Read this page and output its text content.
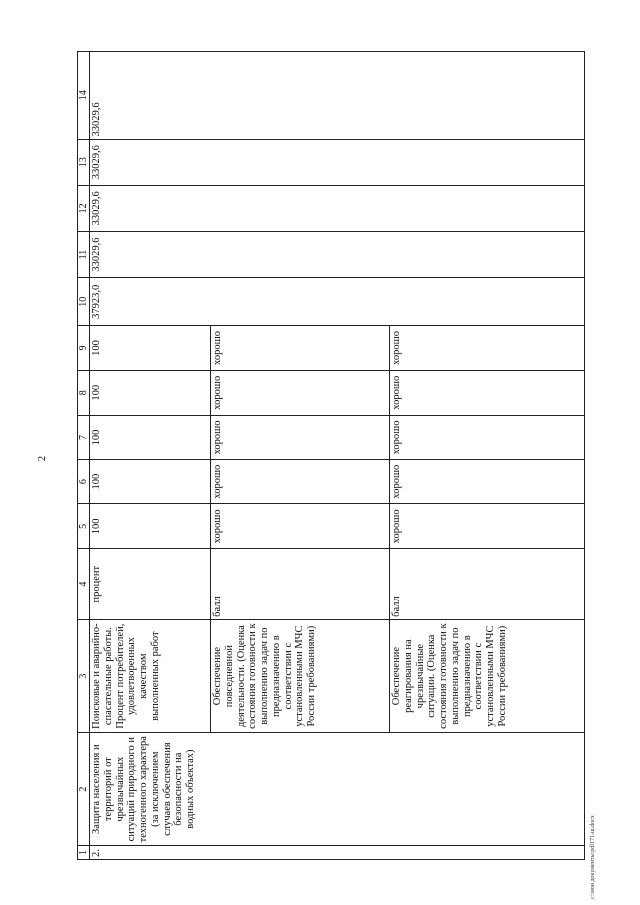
2
1	2	3	4	5	6	7	8	9	10	11	12	13	14
2.	Защита населения и территорий от чрезвычайных ситуаций природного и техногенного характера (за исключением случаев обеспечения безопасности на водных объектах)	Поисковые и аварийно-спасательные работы. Процент потребителей, удовлетворенных качеством выполненных работ	процент	100	100	100	100	100	37923,0	33029,6	33029,6	33029,6	33029,6
		Обеспечение повседневной деятельности. (Оценка состояния готовности к выполнению задач по предназначению в соответствии с установленными МЧС России требованиями)	балл	хорошо	хорошо	хорошо	хорошо	хорошо					
		Обеспечение реагирования на чрезвычайные ситуации. (Оценка состояния готовности к выполнению задач по предназначению в соответствии с установленными МЧС России требованиями)	балл	хорошо	хорошо	хорошо	хорошо	хорошо					
c:\мои документы\рdl171-ш.docx
